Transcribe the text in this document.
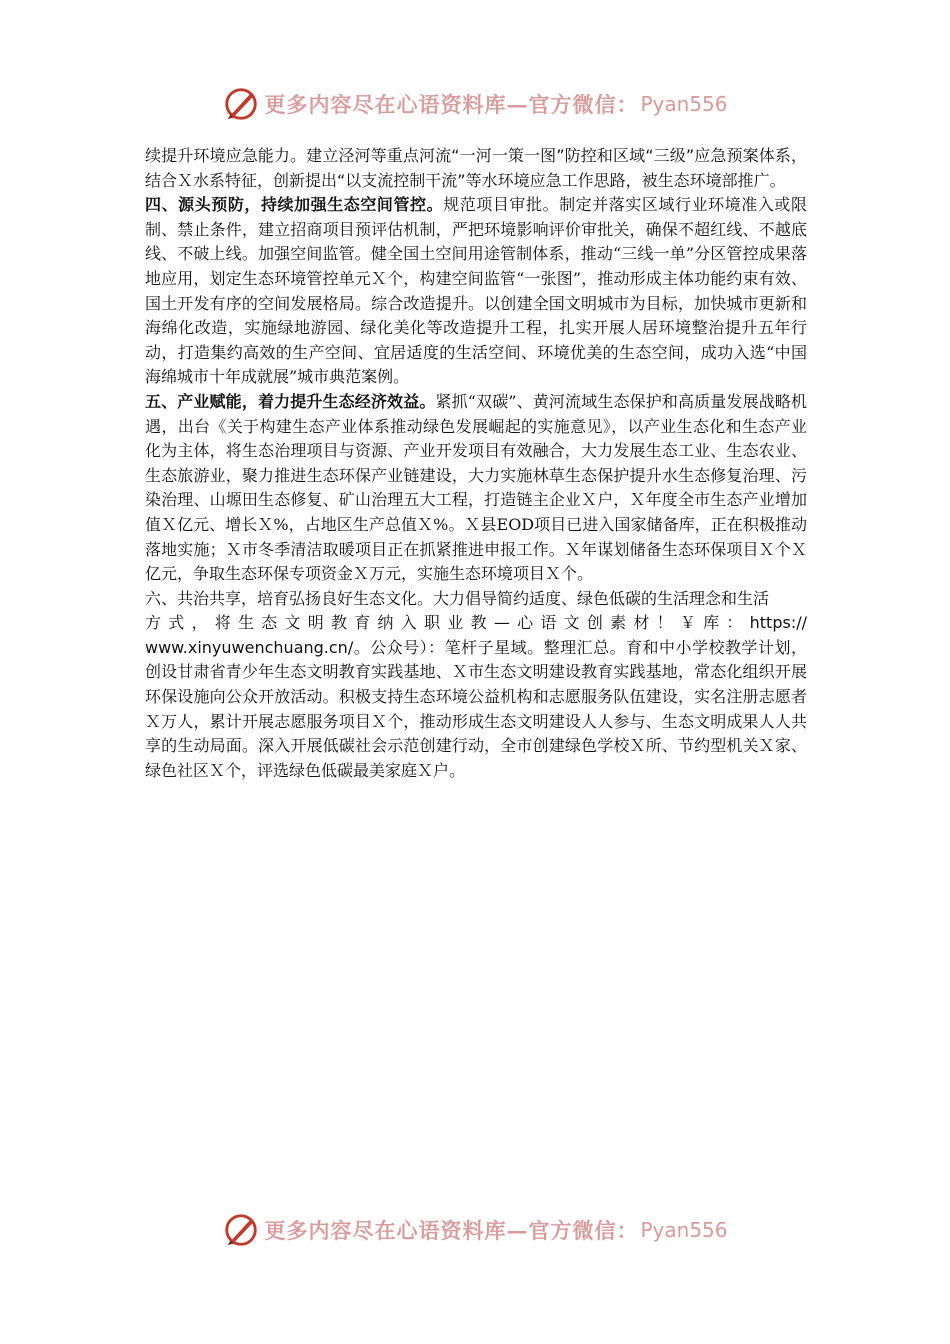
更多内容尽在心语资料库—官方微信： Pyan556

续提升环境应急能力。建立泾河等重点河流“一河一策一图”防控和区域“三级”应急预案体系，结合Ｘ水系特征，创新提出“以支流控制干流”等水环境应急工作思路，被生态环境部推广。

四、源头预防，持续加强生态空间管控。规范项目审批。制定并落实区域行业环境准入或限制、禁止条件，建立招商项目预评估机制，严把环境影响评价审批关，确保不超红线、不越底线、不破上线。加强空间监管。健全国土空间用途管制体系，推动“三线一单”分区管控成果落地应用，划定生态环境管控单元Ｘ个，构建空间监管“一张图”，推动形成主体功能约束有效、国土开发有序的空间发展格局。综合改造提升。以创建全国文明城市为目标，加快城市更新和海绵化改造，实施绿地游园、绿化美化等改造提升工程，扎实开展人居环境整治提升五年行动，打造集约高效的生产空间、宜居适度的生活空间、环境优美的生态空间，成功入选“中国海绵城市十年成就展”城市典范案例。

五、产业赋能，着力提升生态经济效益。紧抓“双碳”、黄河流域生态保护和高质量发展战略机遇，出台《关于构建生态产业体系推动绿色发展崛起的实施意见》，以产业生态化和生态产业化为主体，将生态治理项目与资源、产业开发项目有效融合，大力发展生态工业、生态农业、生态旅游业，聚力推进生态环保产业链建设，大力实施林草生态保护提升水生态修复治理、污染治理、山塬田生态修复、矿山治理五大工程，打造链主企业Ｘ户，Ｘ年度全市生态产业增加值Ｘ亿元、增长Ｘ%，占地区生产总值Ｘ%。Ｘ县EOD项目已进入国家储备库，正在积极推动落地实施；Ｘ市冬季清洁取暖项目正在抓紧推进申报工作。Ｘ年谋划储备生态环保项目Ｘ个Ｘ亿元，争取生态环保专项资金Ｘ万元，实施生态环境项目Ｘ个。

六、共治共享，培育弘扬良好生态文化。大力倡导简约适度、绿色低碳的生活理念和生活

方式，将生态文明教育纳入职业教—心语文创素材！￥库：https://

www.xinyuwenchuang.cn/。公众号）：笔杆子星域。整理汇总。育和中小学校教学计划，创设甘肃省青少年生态文明教育实践基地、Ｘ市生态文明建设教育实践基地，常态化组织开展环保设施向公众开放活动。积极支持生态环境公益机构和志愿服务队伍建设，实名注册志愿者Ｘ万人，累计开展志愿服务项目Ｘ个，推动形成生态文明建设人人参与、生态文明成果人人共享的生动局面。深入开展低碳社会示范创建行动，全市创建绿色学校Ｘ所、节约型机关Ｘ家、绿色社区Ｘ个，评选绿色低碳最美家庭Ｘ户。

更多内容尽在心语资料库—官方微信： Pyan556
